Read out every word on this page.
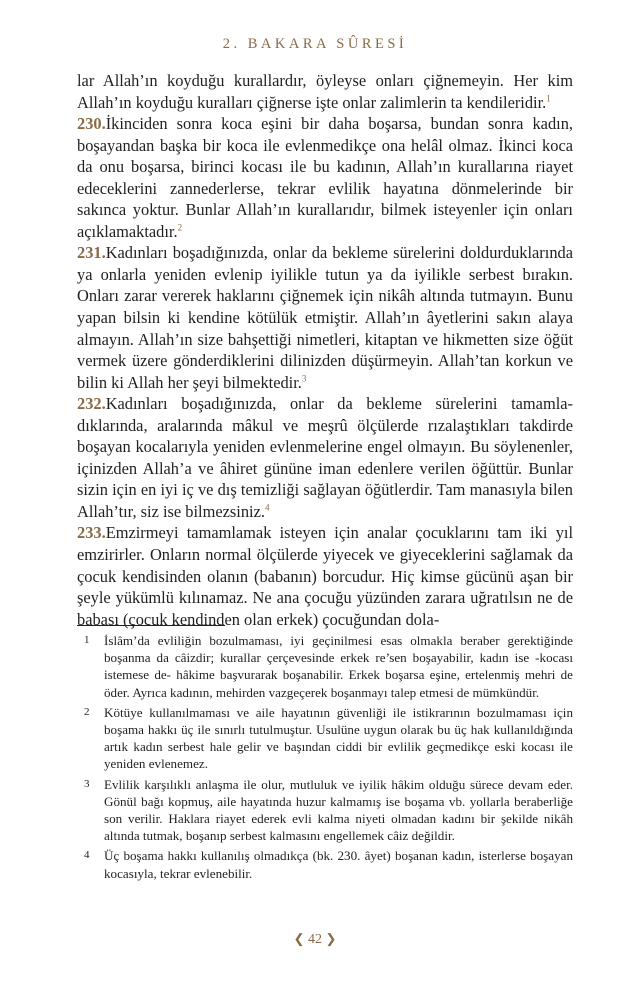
2. BAKARA SÛRESİ

lar Allah’ın koyduğu kurallardır, öyleyse onları çiğnemeyin. Her kim Allah’ın koyduğu kuralları çiğnerse işte onlar zalimlerin ta kendileridir.$^1$

230.İkinciden sonra koca eşini bir daha boşarsa, bundan sonra kadın, boşayandan başka bir koca ile evlenmedikçe ona helâl olmaz. İkinci koca da onu boşarsa, birinci kocası ile bu kadının, Allah’ın kurallarına riayet edeceklerini zannederlerse, tekrar evlilik hayatına dönmelerinde bir sakınca yoktur. Bunlar Allah’ın kurallarıdır, bilmek isteyenler için onları açıklamaktadır.$^2$

231.Kadınları boşadığınızda, onlar da bekleme sürelerini doldurduklarında ya onlarla yeniden evlenip iyilikle tutun ya da iyilikle serbest bırakın. Onları zarar vererek haklarını çiğnemek için nikâh altında tutmayın. Bunu yapan bilsin ki kendine kötülük etmiştir. Allah’ın âyetlerini sakın alaya almayın. Allah’ın size bahşettiği nimetleri, kitaptan ve hikmetten size öğüt vermek üzere gönderdiklerini dilinizden düşürmeyin. Allah’tan korkun ve bilin ki Allah her şeyi bilmektedir.$^3$

232.Kadınları boşadığınızda, onlar da bekleme sürelerini tamamladıklarında, aralarında mâkul ve meşrû ölçülerde rızalaştıkları takdirde boşayan kocalarıyla yeniden evlenmelerine engel olmayın. Bu söylenenler, içinizden Allah’a ve âhiret gününe iman edenlere verilen öğüttür. Bunlar sizin için en iyi iç ve dış temizliği sağlayan öğütlerdir. Tam manasıyla bilen Allah’tır, siz ise bilmezsiniz.$^4$

233.Emzirmeyi tamamlamak isteyen için analar çocuklarını tam iki yıl emzirirler. Onların normal ölçülerde yiyecek ve giyeceklerini sağlamak da çocuk kendisinden olanın (babanın) borcudur. Hiç kimse gücünü aşan bir şeyle yükümlü kılınamaz. Ne ana çocuğu yüzünden zarara uğratılsın ne de babası (çocuk kendinden olan erkek) çocuğundan dola-

1	İslâm’da evliliğin bozulmaması, iyi geçinilmesi esas olmakla beraber gerektiğinde boşanma da câizdir; kurallar çerçevesinde erkek re’sen boşayabilir, kadın ise -kocası istemese de- hâkime başvurarak boşanabilir. Erkek boşarsa eşine, ertelenmiş mehri de öder. Ayrıca kadının, mehirden vazgeçerek boşanmayı talep etmesi de mümkündür.
2	Kötüye kullanılmaması ve aile hayatının güvenliği ile istikrarının bozulmaması için boşama hakkı üç ile sınırlı tutulmuştur. Usulüne uygun olarak bu üç hak kullanıldığında artık kadın serbest hale gelir ve başından ciddi bir evlilik geçmedikçe eski kocası ile yeniden evlenemez.
3	Evlilik karşılıklı anlaşma ile olur, mutluluk ve iyilik hâkim olduğu sürece devam eder. Gönül bağı kopmuş, aile hayatında huzur kalmamış ise boşama vb. yollarla beraberliğe son verilir. Haklara riayet ederek evli kalma niyeti olmadan kadını bir şekilde nikâh altında tutmak, boşanıp serbest kalmasını engellemek câiz değildir.
4	Üç boşama hakkı kullanılış olmadıkça (bk. 230. âyet) boşanan kadın, isterlerse boşayan kocasıyla, tekrar evlenebilir.
❮ 42 ❯
